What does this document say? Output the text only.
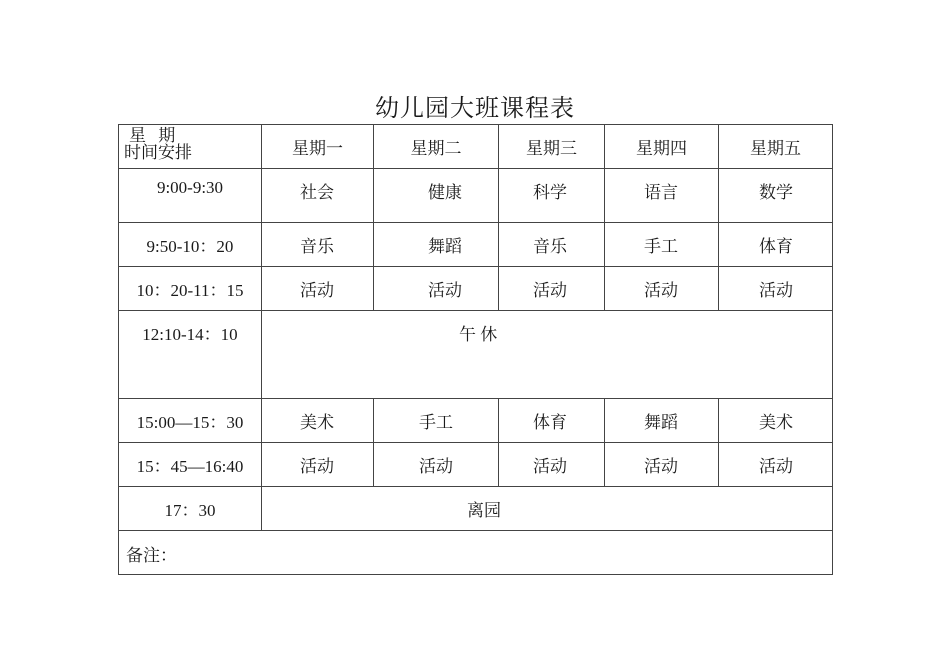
幼儿园大班课程表
星 期
时间安排	星期一	星期二	星期三	星期四	星期五
9:00-9:30	社会	健康	科学	语言	数学
9:50-10：20	音乐	舞蹈	音乐	手工	体育
10：20-11：15	活动	活动	活动	活动	活动
12:10-14：10	午 休				
15:00—15：30	美术	手工	体育	舞蹈	美术
15：45—16:40	活动	活动	活动	活动	活动
17：30	离园				
备注：					
